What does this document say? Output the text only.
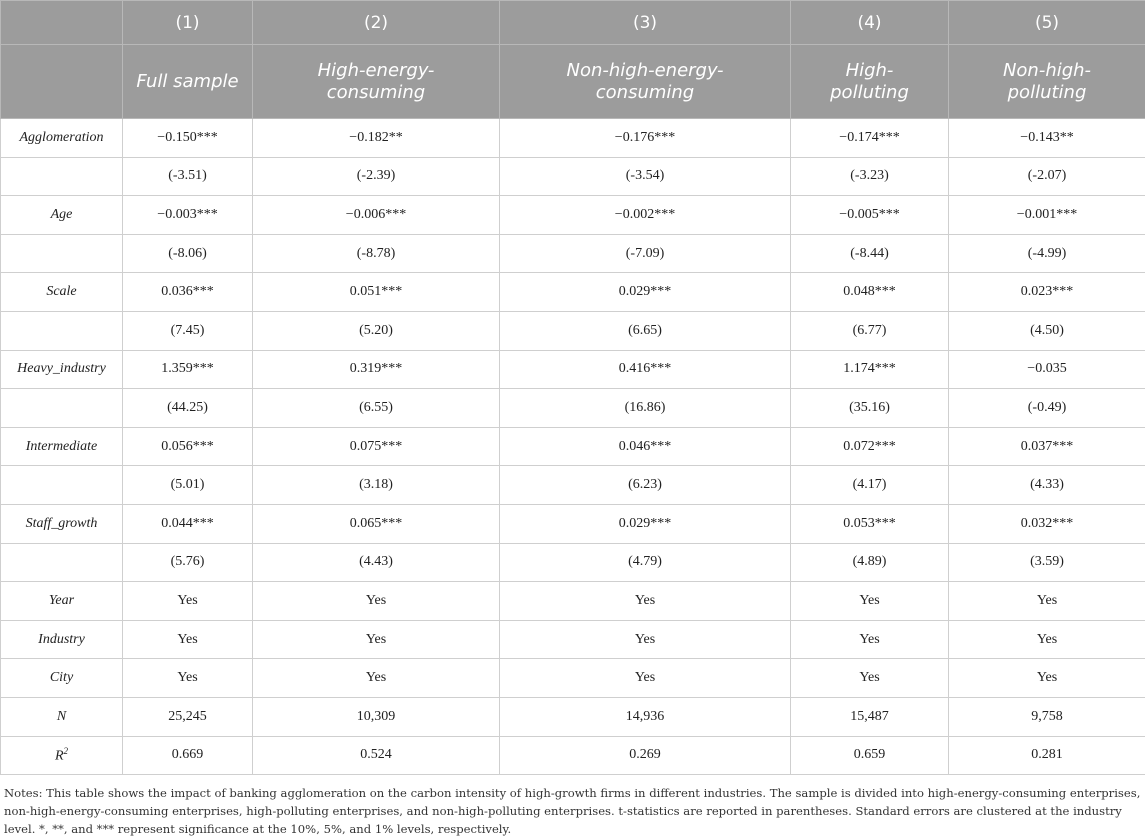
	(1)	(2)	(3)	(4)	(5)
	Full sample	High-energy-consuming	Non-high-energy-consuming	High-polluting	Non-high-polluting
Agglomeration	−0.150***	−0.182**	−0.176***	−0.174***	−0.143**
	(-3.51)	(-2.39)	(-3.54)	(-3.23)	(-2.07)
Age	−0.003***	−0.006***	−0.002***	−0.005***	−0.001***
	(-8.06)	(-8.78)	(-7.09)	(-8.44)	(-4.99)
Scale	0.036***	0.051***	0.029***	0.048***	0.023***
	(7.45)	(5.20)	(6.65)	(6.77)	(4.50)
Heavy_industry	1.359***	0.319***	0.416***	1.174***	−0.035
	(44.25)	(6.55)	(16.86)	(35.16)	(-0.49)
Intermediate	0.056***	0.075***	0.046***	0.072***	0.037***
	(5.01)	(3.18)	(6.23)	(4.17)	(4.33)
Staff_growth	0.044***	0.065***	0.029***	0.053***	0.032***
	(5.76)	(4.43)	(4.79)	(4.89)	(3.59)
Year	Yes	Yes	Yes	Yes	Yes
Industry	Yes	Yes	Yes	Yes	Yes
City	Yes	Yes	Yes	Yes	Yes
N	25,245	10,309	14,936	15,487	9,758
$R^2$	0.669	0.524	0.269	0.659	0.281
Notes: This table shows the impact of banking agglomeration on the carbon intensity of high-growth firms in different industries. The sample is divided into high-energy-consuming enterprises, non-high-energy-consuming enterprises, high-polluting enterprises, and non-high-polluting enterprises. t-statistics are reported in parentheses. Standard errors are clustered at the industry level. *, **, and *** represent significance at the 10%, 5%, and 1% levels, respectively.
